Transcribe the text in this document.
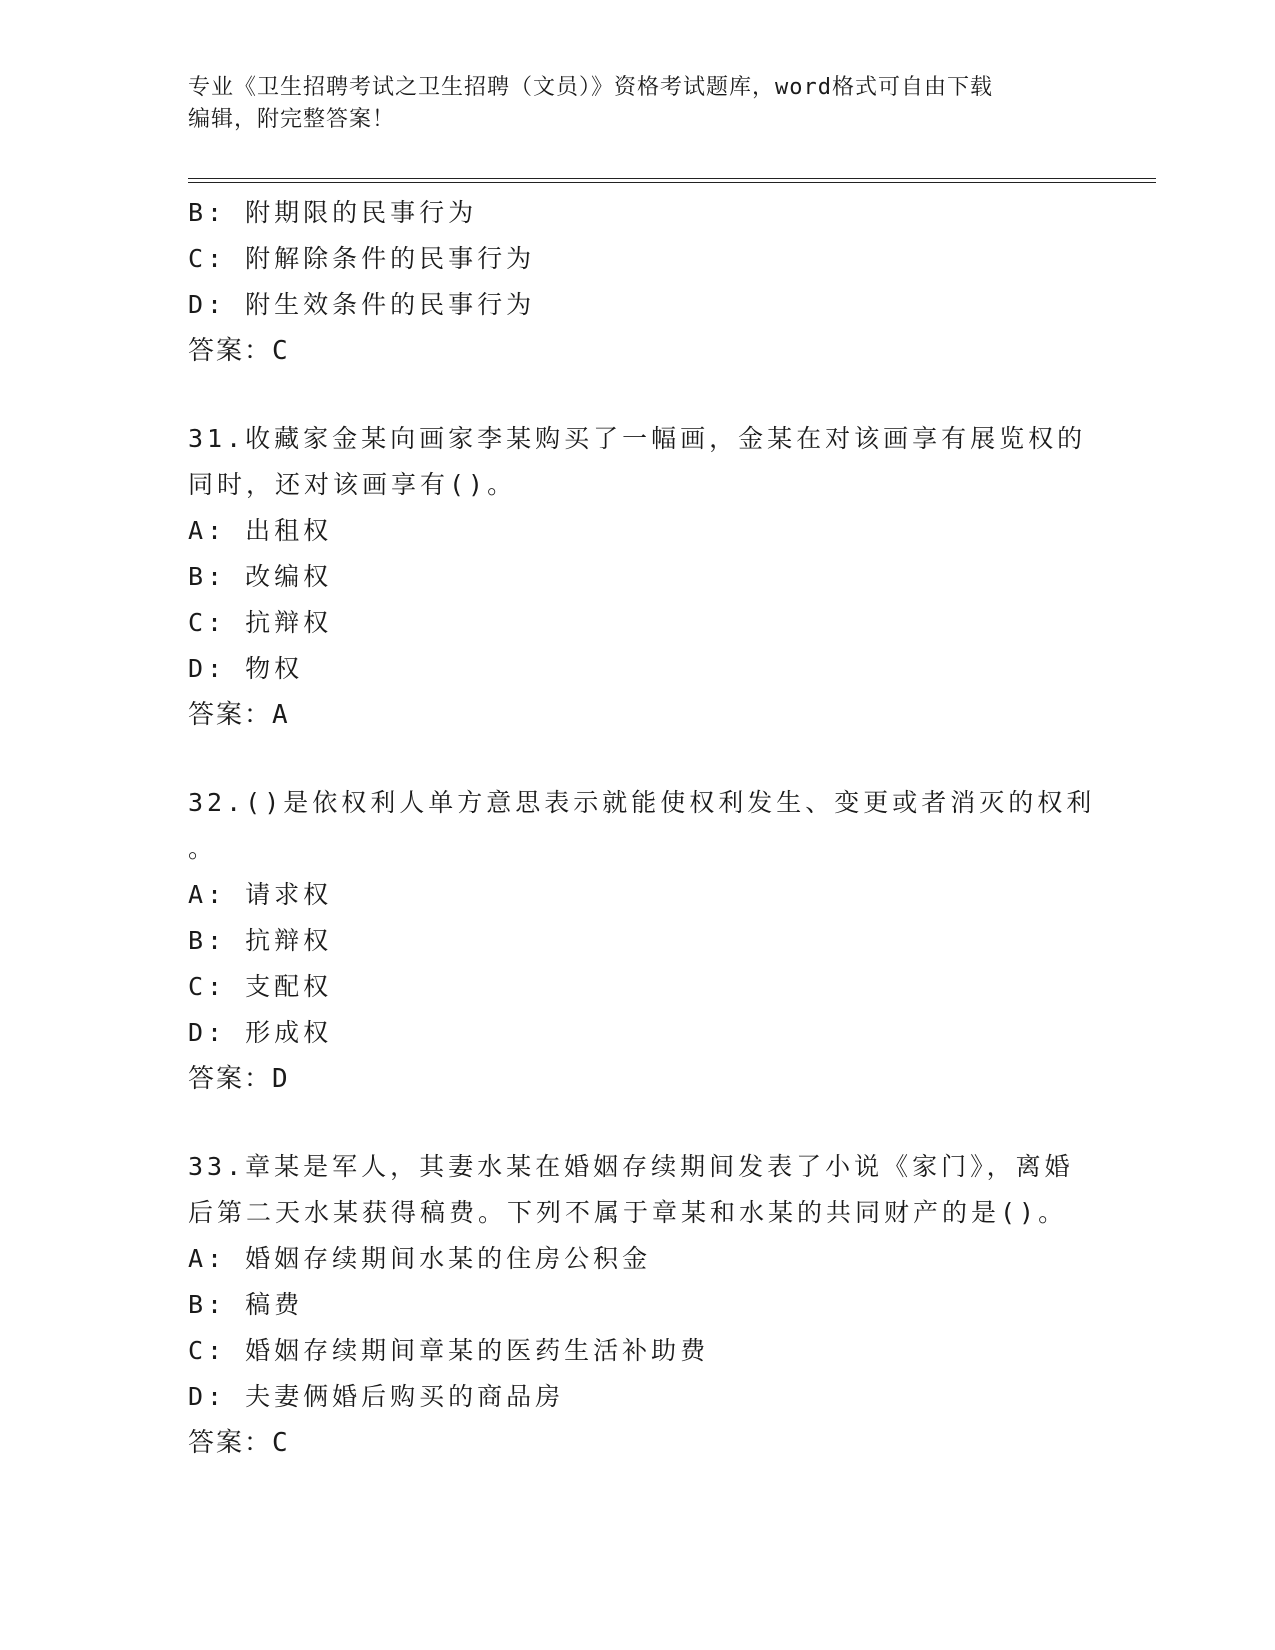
专业《卫生招聘考试之卫生招聘（文员）》资格考试题库，word格式可自由下载
编辑，附完整答案！
B: 附期限的民事行为
C: 附解除条件的民事行为
D: 附生效条件的民事行为
答案：C
31.收藏家金某向画家李某购买了一幅画，金某在对该画享有展览权的
同时，还对该画享有()。
A: 出租权
B: 改编权
C: 抗辩权
D: 物权
答案：A
32.()是依权利人单方意思表示就能使权利发生、变更或者消灭的权利
。
A: 请求权
B: 抗辩权
C: 支配权
D: 形成权
答案：D
33.章某是军人，其妻水某在婚姻存续期间发表了小说《家门》，离婚
后第二天水某获得稿费。下列不属于章某和水某的共同财产的是()。
A: 婚姻存续期间水某的住房公积金
B: 稿费
C: 婚姻存续期间章某的医药生活补助费
D: 夫妻俩婚后购买的商品房
答案：C
